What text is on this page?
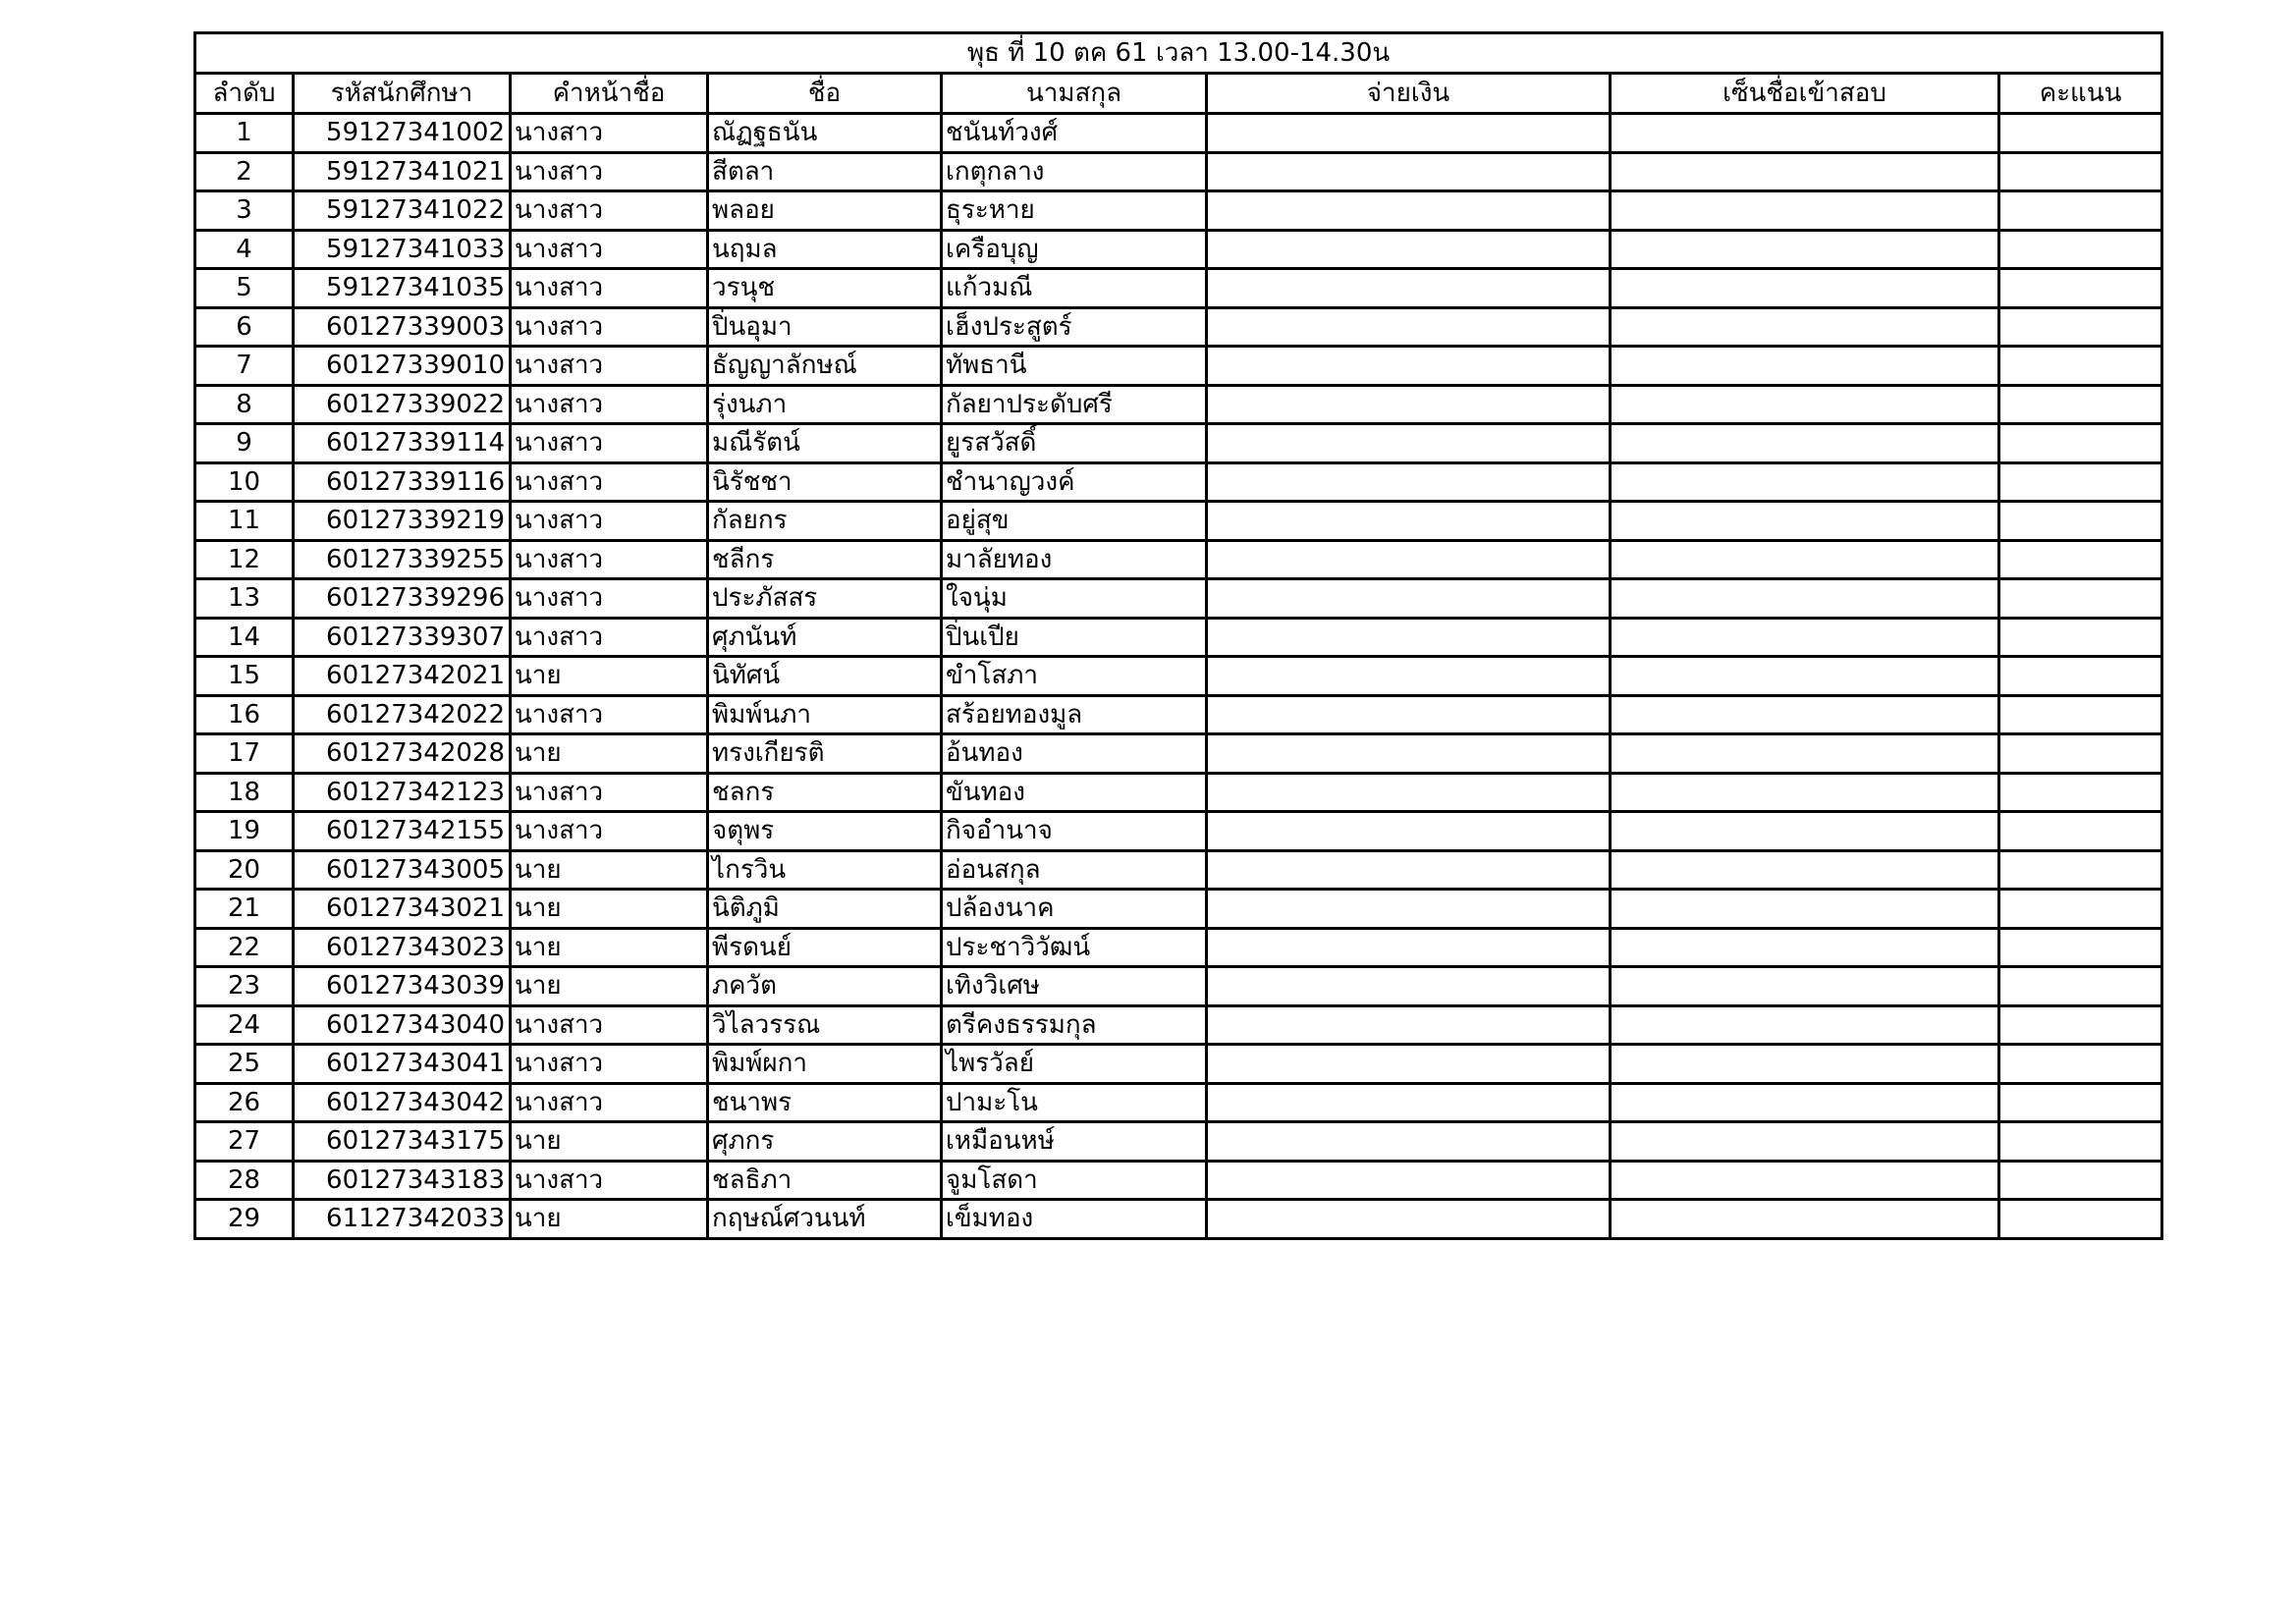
พุธ ที่ 10 ตค 61 เวลา 13.00-14.30น							
ลำดับ	รหัสนักศึกษา	คำหน้าชื่อ	ชื่อ	นามสกุล	จ่ายเงิน	เซ็นชื่อเข้าสอบ	คะแนน
1	59127341002	นางสาว	ณัฏฐธนัน	ชนันท์วงศ์			
2	59127341021	นางสาว	สีตลา	เกตุกลาง			
3	59127341022	นางสาว	พลอย	ธุระหาย			
4	59127341033	นางสาว	นฤมล	เครือบุญ			
5	59127341035	นางสาว	วรนุช	แก้วมณี			
6	60127339003	นางสาว	ปิ่นอุมา	เฮ็งประสูตร์			
7	60127339010	นางสาว	ธัญญาลักษณ์	ทัพธานี			
8	60127339022	นางสาว	รุ่งนภา	กัลยาประดับศรี			
9	60127339114	นางสาว	มณีรัตน์	ยูรสวัสดิ์			
10	60127339116	นางสาว	นิรัชชา	ชำนาญวงค์			
11	60127339219	นางสาว	กัลยกร	อยู่สุข			
12	60127339255	นางสาว	ชลีกร	มาลัยทอง			
13	60127339296	นางสาว	ประภัสสร	ใจนุ่ม			
14	60127339307	นางสาว	ศุภนันท์	ปิ่นเปีย			
15	60127342021	นาย	นิทัศน์	ขำโสภา			
16	60127342022	นางสาว	พิมพ์นภา	สร้อยทองมูล			
17	60127342028	นาย	ทรงเกียรติ	อ้นทอง			
18	60127342123	นางสาว	ชลกร	ขันทอง			
19	60127342155	นางสาว	จตุพร	กิจอำนาจ			
20	60127343005	นาย	ไกรวิน	อ่อนสกุล			
21	60127343021	นาย	นิติภูมิ	ปล้องนาค			
22	60127343023	นาย	พีรดนย์	ประชาวิวัฒน์			
23	60127343039	นาย	ภควัต	เทิงวิเศษ			
24	60127343040	นางสาว	วิไลวรรณ	ตรีคงธรรมกุล			
25	60127343041	นางสาว	พิมพ์ผกา	ไพรวัลย์			
26	60127343042	นางสาว	ชนาพร	ปามะโน			
27	60127343175	นาย	ศุภกร	เหมือนหษ์			
28	60127343183	นางสาว	ชลธิภา	จูมโสดา			
29	61127342033	นาย	กฤษณ์ศวนนท์	เข็มทอง			
